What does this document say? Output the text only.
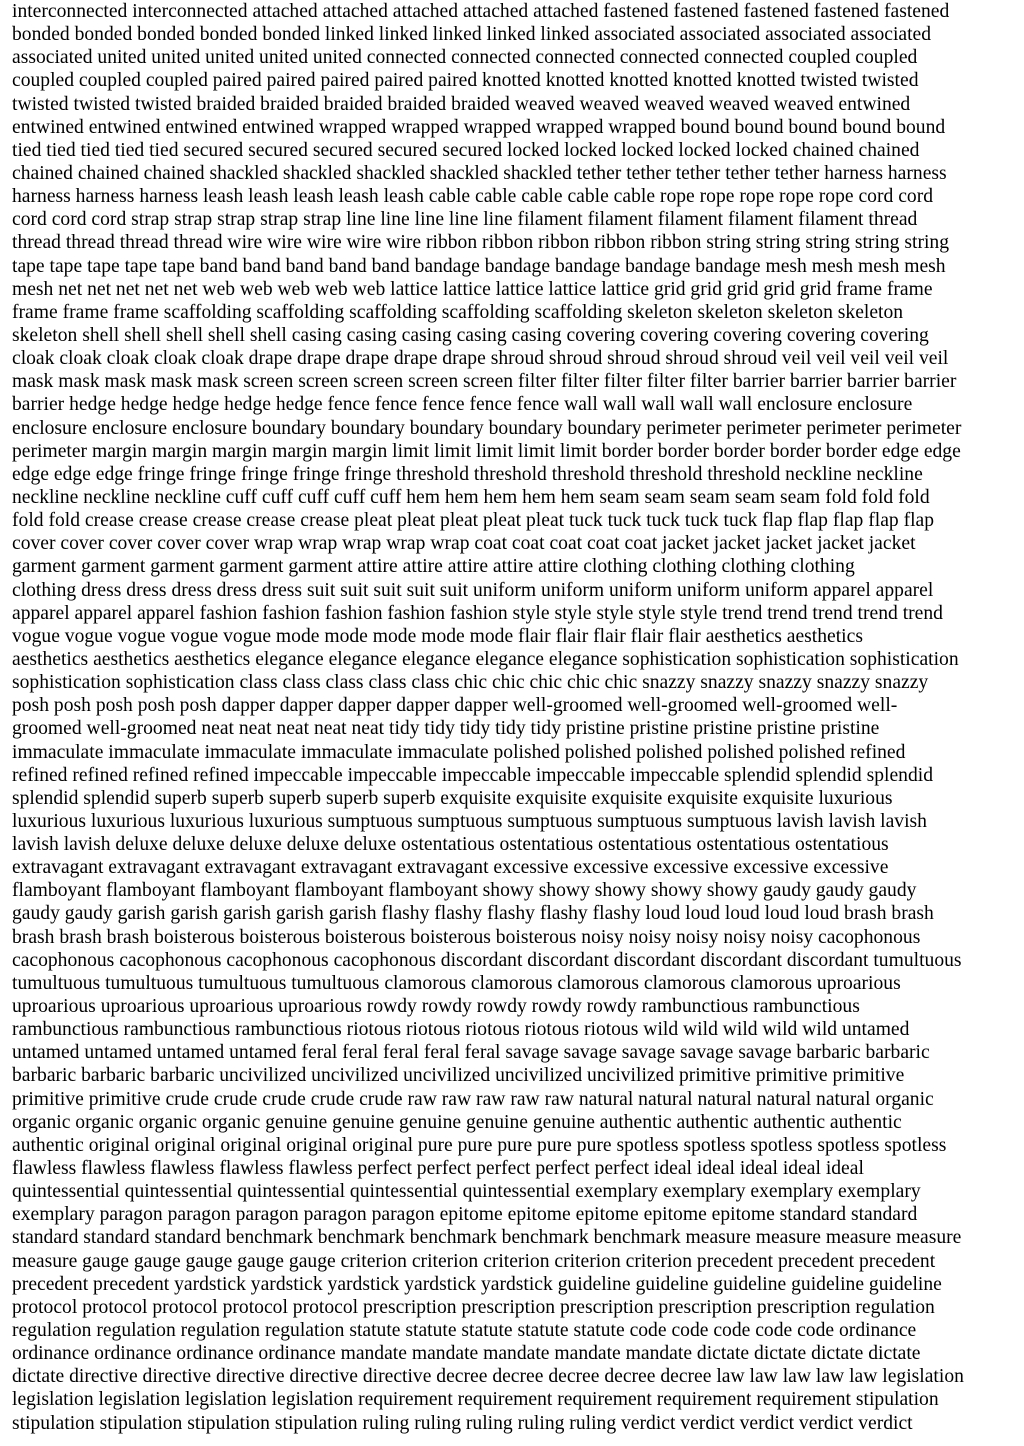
interconnected interconnected attached attached attached attached attached fastened fastened fastened fastened fastened
bonded bonded bonded bonded bonded linked linked linked linked linked associated associated associated associated
associated united united united united united connected connected connected connected connected coupled coupled
coupled coupled coupled paired paired paired paired paired knotted knotted knotted knotted knotted twisted twisted
twisted twisted twisted braided braided braided braided braided weaved weaved weaved weaved weaved entwined
entwined entwined entwined entwined wrapped wrapped wrapped wrapped wrapped bound bound bound bound bound
tied tied tied tied tied secured secured secured secured secured locked locked locked locked locked chained chained
chained chained chained shackled shackled shackled shackled shackled tether tether tether tether tether harness harness
harness harness harness leash leash leash leash leash cable cable cable cable cable rope rope rope rope rope cord cord
cord cord cord strap strap strap strap strap line line line line line filament filament filament filament filament thread
thread thread thread thread wire wire wire wire wire ribbon ribbon ribbon ribbon ribbon string string string string string
tape tape tape tape tape band band band band band bandage bandage bandage bandage bandage mesh mesh mesh mesh
mesh net net net net net web web web web web lattice lattice lattice lattice lattice grid grid grid grid grid frame frame
frame frame frame scaffolding scaffolding scaffolding scaffolding scaffolding skeleton skeleton skeleton skeleton
skeleton shell shell shell shell shell casing casing casing casing casing covering covering covering covering covering
cloak cloak cloak cloak cloak drape drape drape drape drape shroud shroud shroud shroud shroud veil veil veil veil veil
mask mask mask mask mask screen screen screen screen screen filter filter filter filter filter barrier barrier barrier barrier
barrier hedge hedge hedge hedge hedge fence fence fence fence fence wall wall wall wall wall enclosure enclosure
enclosure enclosure enclosure boundary boundary boundary boundary boundary perimeter perimeter perimeter perimeter
perimeter margin margin margin margin margin limit limit limit limit limit border border border border border edge edge
edge edge edge fringe fringe fringe fringe fringe threshold threshold threshold threshold threshold neckline neckline
neckline neckline neckline cuff cuff cuff cuff cuff hem hem hem hem hem seam seam seam seam seam fold fold fold
fold fold crease crease crease crease crease pleat pleat pleat pleat pleat tuck tuck tuck tuck tuck flap flap flap flap flap
cover cover cover cover cover wrap wrap wrap wrap wrap coat coat coat coat coat jacket jacket jacket jacket jacket
garment garment garment garment garment attire attire attire attire attire clothing clothing clothing clothing
clothing dress dress dress dress dress suit suit suit suit suit uniform uniform uniform uniform uniform apparel apparel
apparel apparel apparel fashion fashion fashion fashion fashion style style style style style trend trend trend trend trend
vogue vogue vogue vogue vogue mode mode mode mode mode flair flair flair flair flair aesthetics aesthetics
aesthetics aesthetics aesthetics elegance elegance elegance elegance elegance sophistication sophistication sophistication
sophistication sophistication class class class class class chic chic chic chic chic snazzy snazzy snazzy snazzy snazzy
posh posh posh posh posh dapper dapper dapper dapper dapper well-groomed well-groomed well-groomed well-
groomed well-groomed neat neat neat neat neat tidy tidy tidy tidy tidy pristine pristine pristine pristine pristine
immaculate immaculate immaculate immaculate immaculate polished polished polished polished polished refined
refined refined refined refined impeccable impeccable impeccable impeccable impeccable splendid splendid splendid
splendid splendid superb superb superb superb superb exquisite exquisite exquisite exquisite exquisite luxurious
luxurious luxurious luxurious luxurious sumptuous sumptuous sumptuous sumptuous sumptuous lavish lavish lavish
lavish lavish deluxe deluxe deluxe deluxe deluxe ostentatious ostentatious ostentatious ostentatious ostentatious
extravagant extravagant extravagant extravagant extravagant excessive excessive excessive excessive excessive
flamboyant flamboyant flamboyant flamboyant flamboyant showy showy showy showy showy gaudy gaudy gaudy
gaudy gaudy garish garish garish garish garish flashy flashy flashy flashy flashy loud loud loud loud loud brash brash
brash brash brash boisterous boisterous boisterous boisterous boisterous noisy noisy noisy noisy noisy cacophonous
cacophonous cacophonous cacophonous cacophonous discordant discordant discordant discordant discordant tumultuous
tumultuous tumultuous tumultuous tumultuous clamorous clamorous clamorous clamorous clamorous uproarious
uproarious uproarious uproarious uproarious rowdy rowdy rowdy rowdy rowdy rambunctious rambunctious
rambunctious rambunctious rambunctious riotous riotous riotous riotous riotous wild wild wild wild wild untamed
untamed untamed untamed untamed feral feral feral feral feral savage savage savage savage savage barbaric barbaric
barbaric barbaric barbaric uncivilized uncivilized uncivilized uncivilized uncivilized primitive primitive primitive
primitive primitive crude crude crude crude crude raw raw raw raw raw natural natural natural natural natural organic
organic organic organic organic genuine genuine genuine genuine genuine authentic authentic authentic authentic
authentic original original original original original pure pure pure pure pure spotless spotless spotless spotless spotless
flawless flawless flawless flawless flawless perfect perfect perfect perfect perfect ideal ideal ideal ideal ideal
quintessential quintessential quintessential quintessential quintessential exemplary exemplary exemplary exemplary
exemplary paragon paragon paragon paragon paragon epitome epitome epitome epitome epitome standard standard
standard standard standard benchmark benchmark benchmark benchmark benchmark measure measure measure measure
measure gauge gauge gauge gauge gauge criterion criterion criterion criterion criterion precedent precedent precedent
precedent precedent yardstick yardstick yardstick yardstick yardstick guideline guideline guideline guideline guideline
protocol protocol protocol protocol protocol prescription prescription prescription prescription prescription regulation
regulation regulation regulation regulation statute statute statute statute statute code code code code code ordinance
ordinance ordinance ordinance ordinance mandate mandate mandate mandate mandate dictate dictate dictate dictate
dictate directive directive directive directive directive decree decree decree decree decree law law law law law legislation
legislation legislation legislation legislation requirement requirement requirement requirement requirement stipulation
stipulation stipulation stipulation stipulation ruling ruling ruling ruling ruling verdict verdict verdict verdict verdict
